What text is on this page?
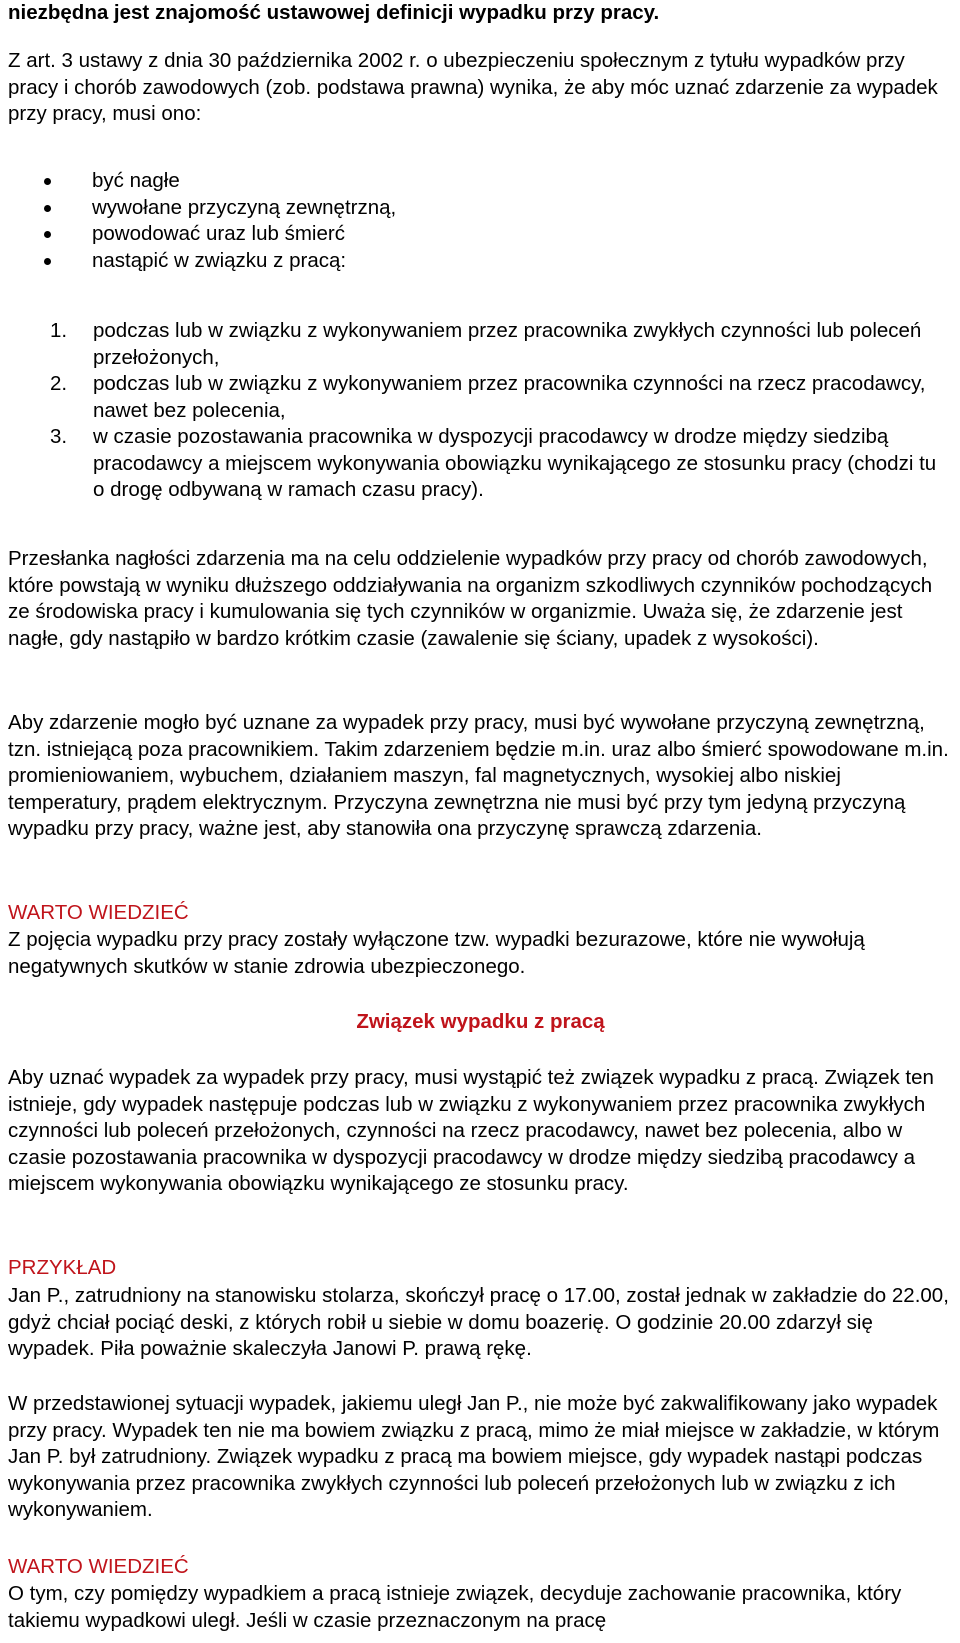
niezbędna jest znajomość ustawowej definicji wypadku przy pracy.

Z art. 3 ustawy z dnia 30 października 2002 r. o ubezpieczeniu społecznym z tytułu wypadków przy pracy i chorób zawodowych (zob. podstawa prawna) wynika, że aby móc uznać zdarzenie za wypadek przy pracy, musi ono:

być nagłe
wywołane przyczyną zewnętrzną,
powodować uraz lub śmierć
nastąpić w związku z pracą:
1. podczas lub w związku z wykonywaniem przez pracownika zwykłych czynności lub poleceń przełożonych,
2. podczas lub w związku z wykonywaniem przez pracownika czynności na rzecz pracodawcy, nawet bez polecenia,
3. w czasie pozostawania pracownika w dyspozycji pracodawcy w drodze między siedzibą pracodawcy a miejscem wykonywania obowiązku wynikającego ze stosunku pracy (chodzi tu o drogę odbywaną w ramach czasu pracy).

Przesłanka nagłości zdarzenia ma na celu oddzielenie wypadków przy pracy od chorób zawodowych, które powstają w wyniku dłuższego oddziaływania na organizm szkodliwych czynników pochodzących ze środowiska pracy i kumulowania się tych czynników w organizmie. Uważa się, że zdarzenie jest nagłe, gdy nastąpiło w bardzo krótkim czasie (zawalenie się ściany, upadek z wysokości).

Aby zdarzenie mogło być uznane za wypadek przy pracy, musi być wywołane przyczyną zewnętrzną, tzn. istniejącą poza pracownikiem. Takim zdarzeniem będzie m.in. uraz albo śmierć spowodowane m.in. promieniowaniem, wybuchem, działaniem maszyn, fal magnetycznych, wysokiej albo niskiej temperatury, prądem elektrycznym. Przyczyna zewnętrzna nie musi być przy tym jedyną przyczyną wypadku przy pracy, ważne jest, aby stanowiła ona przyczynę sprawczą zdarzenia.

WARTO WIEDZIEĆ

Z pojęcia wypadku przy pracy zostały wyłączone tzw. wypadki bezurazowe, które nie wywołują negatywnych skutków w stanie zdrowia ubezpieczonego.

Związek wypadku z pracą

Aby uznać wypadek za wypadek przy pracy, musi wystąpić też związek wypadku z pracą. Związek ten istnieje, gdy wypadek następuje podczas lub w związku z wykonywaniem przez pracownika zwykłych czynności lub poleceń przełożonych, czynności na rzecz pracodawcy, nawet bez polecenia, albo w czasie pozostawania pracownika w dyspozycji pracodawcy w drodze między siedzibą pracodawcy a miejscem wykonywania obowiązku wynikającego ze stosunku pracy.

PRZYKŁAD

Jan P., zatrudniony na stanowisku stolarza, skończył pracę o 17.00, został jednak w zakładzie do 22.00, gdyż chciał pociąć deski, z których robił u siebie w domu boazerię. O godzinie 20.00 zdarzył się wypadek. Piła poważnie skaleczyła Janowi P. prawą rękę.

W przedstawionej sytuacji wypadek, jakiemu uległ Jan P., nie może być zakwalifikowany jako wypadek przy pracy. Wypadek ten nie ma bowiem związku z pracą, mimo że miał miejsce w zakładzie, w którym Jan P. był zatrudniony. Związek wypadku z pracą ma bowiem miejsce, gdy wypadek nastąpi podczas wykonywania przez pracownika zwykłych czynności lub poleceń przełożonych lub w związku z ich wykonywaniem.

WARTO WIEDZIEĆ

O tym, czy pomiędzy wypadkiem a pracą istnieje związek, decyduje zachowanie pracownika, który takiemu wypadkowi uległ. Jeśli w czasie przeznaczonym na pracę
